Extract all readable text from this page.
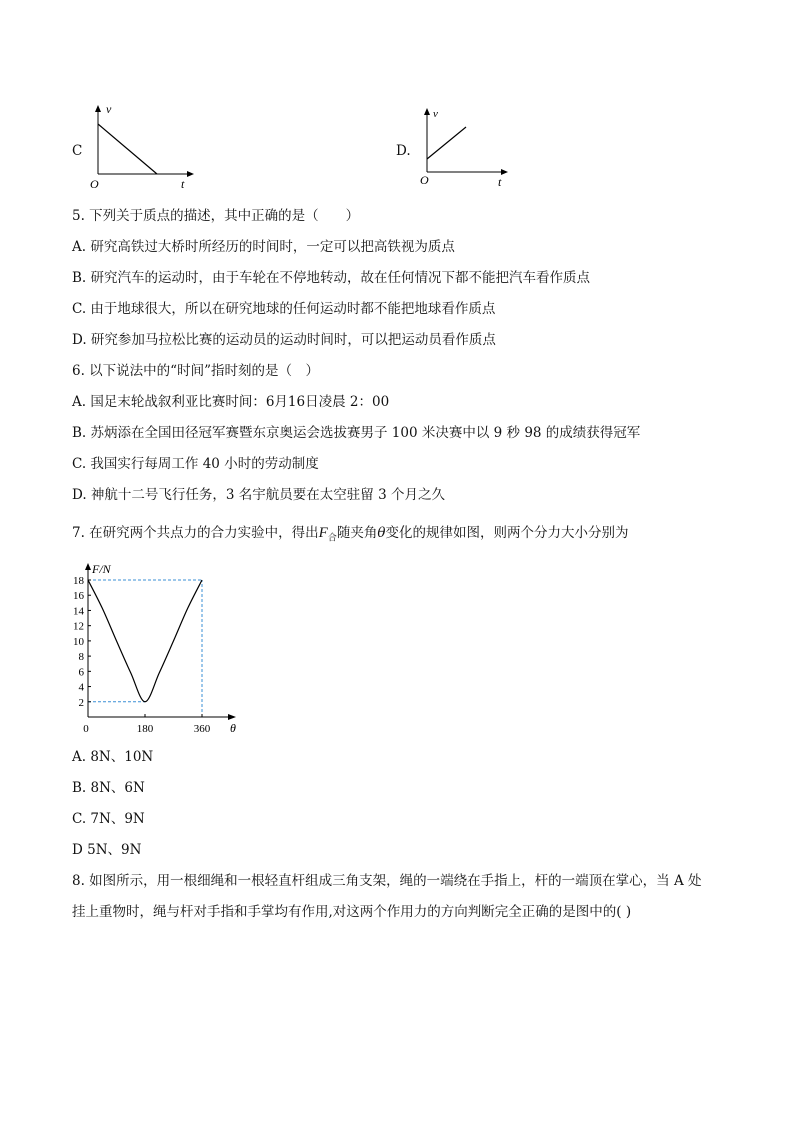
C
v
t
O
D.
v
t
O
5. 下列关于质点的描述，其中正确的是（　　）
A. 研究高铁过大桥时所经历的时间时，一定可以把高铁视为质点
B. 研究汽车的运动时，由于车轮在不停地转动，故在任何情况下都不能把汽车看作质点
C. 由于地球很大，所以在研究地球的任何运动时都不能把地球看作质点
D. 研究参加马拉松比赛的运动员的运动时间时，可以把运动员看作质点
6. 以下说法中的“时间”指时刻的是（　）
A. 国足末轮战叙利亚比赛时间：6月16日凌晨 2：00
B. 苏炳添在全国田径冠军赛暨东京奥运会选拔赛男子 100 米决赛中以 9 秒 98 的成绩获得冠军
C. 我国实行每周工作 40 小时的劳动制度
D. 神航十二号飞行任务，3 名宇航员要在太空驻留 3 个月之久
7. 在研究两个共点力的合力实验中，得出$F_合$随夹角θ变化的规律如图，则两个分力大小分别为
2
4
6
8
10
12
14
16
18
0	180	360
F/N
θ
A. 8N、10N
B. 8N、6N
C. 7N、9N
D 5N、9N
8. 如图所示，用一根细绳和一根轻直杆组成三角支架，绳的一端绕在手指上，杆的一端顶在掌心，当 A 处
挂上重物时，绳与杆对手指和手掌均有作用,对这两个作用力的方向判断完全正确的是图中的( )
